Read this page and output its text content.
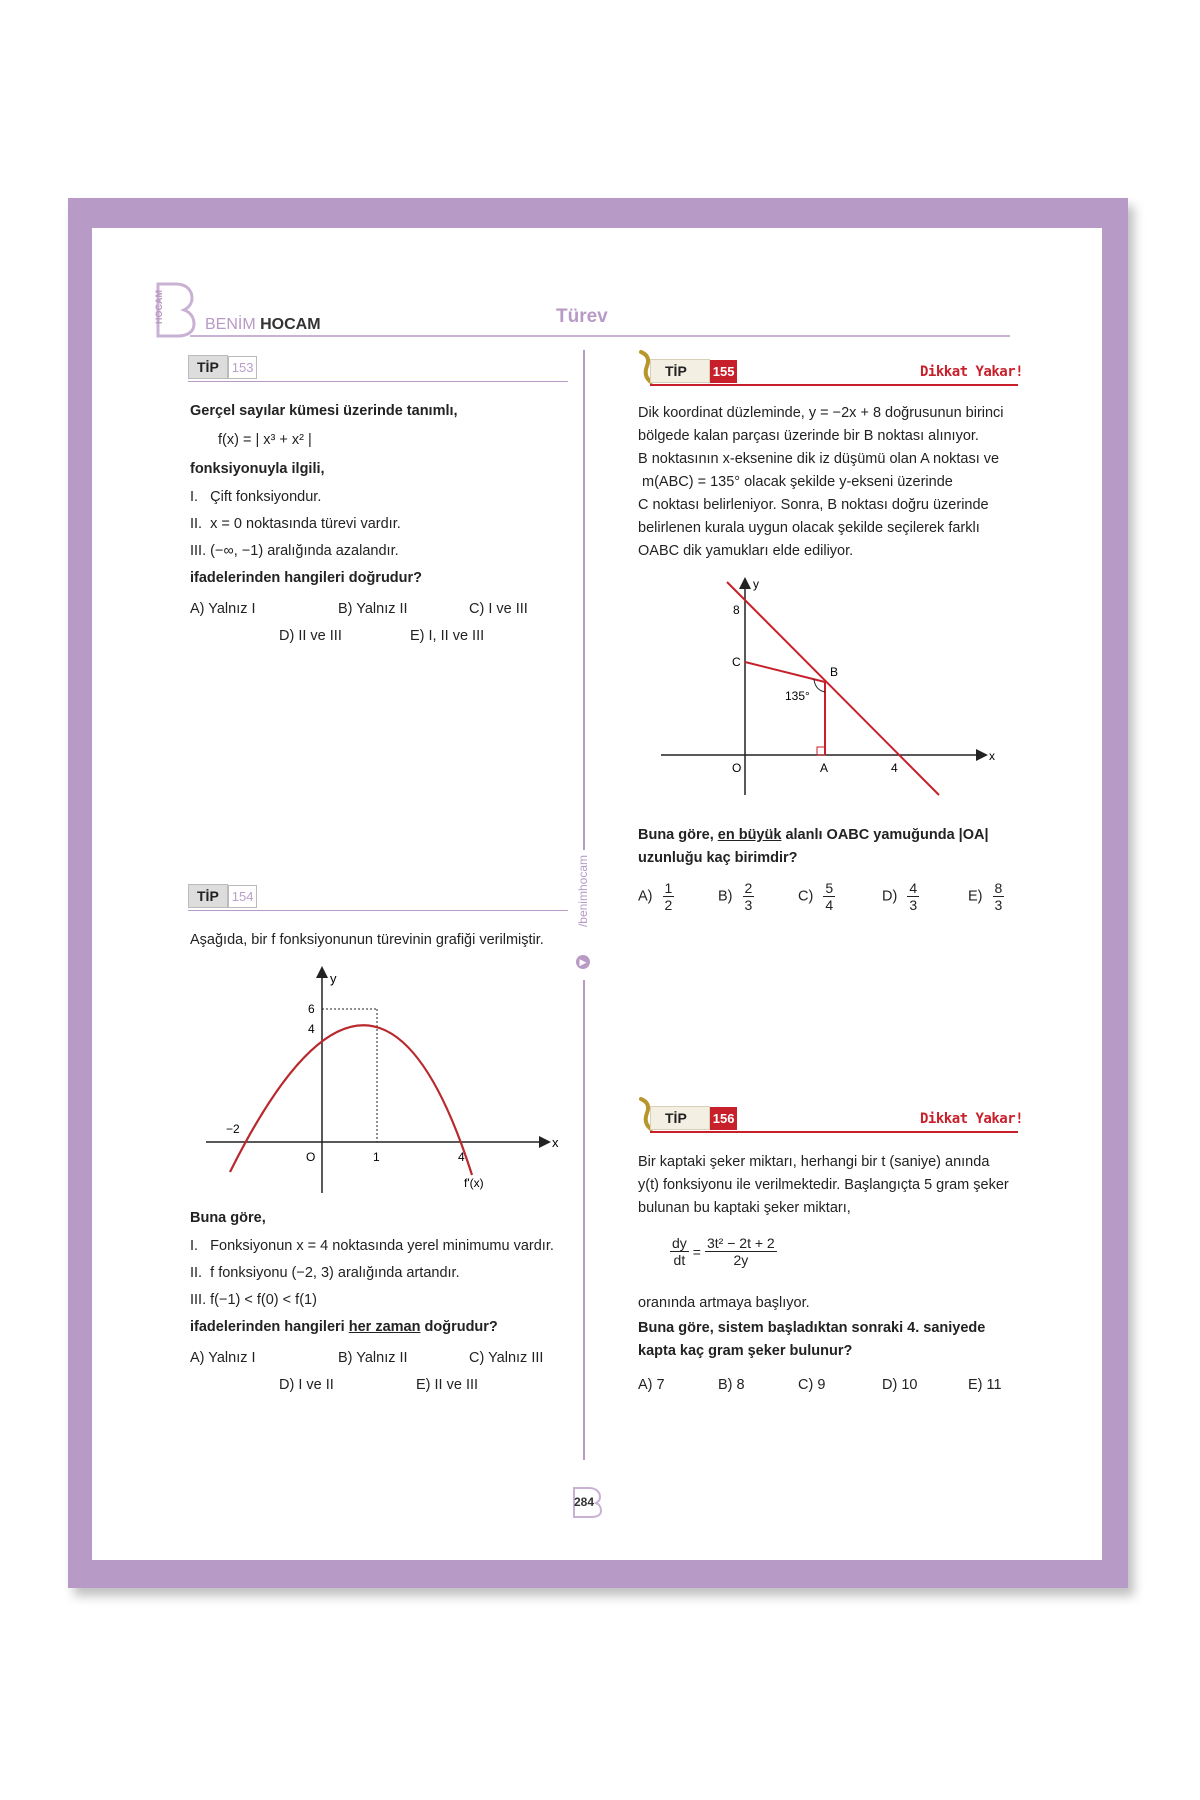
HOCAM
BENİM HOCAM	Türev
/benimhocam
▶
TİP	153
Gerçel sayılar kümesi üzerinde tanımlı,
f(x) = | x³ + x² |
fonksiyonuyla ilgili,
I.   Çift fonksiyondur.
II.  x = 0 noktasında türevi vardır.
III. (−∞, −1) aralığında azalandır.
ifadelerinden hangileri doğrudur?
A) Yalnız I	B) Yalnız II	C) I ve III
D) II ve III	E) I, II ve III
TİP	154
Aşağıda, bir f fonksiyonunun türevinin grafiği verilmiştir.
y
x
6
4
−2
O	1	4
f'(x)
Buna göre,
I.   Fonksiyonun x = 4 noktasında yerel minimumu vardır.
II.  f fonksiyonu (−2, 3) aralığında artandır.
III. f(−1) < f(0) < f(1)
ifadelerinden hangileri her zaman doğrudur?
A) Yalnız I	B) Yalnız II	C) Yalnız III
D) I ve II	E) II ve III
TİP	155	Dikkat Yakar!
Dik koordinat düzleminde, y = −2x + 8 doğrusunun birinci
bölgede kalan parçası üzerinde bir B noktası alınıyor.
B noktasının x-eksenine dik iz düşümü olan A noktası ve
m(ABC) = 135° olacak şekilde y-ekseni üzerinde
C noktası belirleniyor. Sonra, B noktası doğru üzerinde
belirlenen kurala uygun olacak şekilde seçilerek farklı
OABC dik yamukları elde ediliyor.
y
x
8
C
B
135°
O	A	4
Buna göre, en büyük alanlı OABC yamuğunda |OA|
uzunluğu kaç birimdir?
$A) \frac{1}{2}$	$B) \frac{2}{3}$	$C) \frac{5}{4}$	$D) \frac{4}{3}$	$E) \frac{8}{3}$
TİP	156	Dikkat Yakar!
Bir kaptaki şeker miktarı, herhangi bir t (saniye) anında
y(t) fonksiyonu ile verilmektedir. Başlangıçta 5 gram şeker
bulunan bu kaptaki şeker miktarı,
$\frac{dy}{dt} = \frac{\text{3t² − 2t + 2}}{2y}$
oranında artmaya başlıyor.
Buna göre, sistem başladıktan sonraki 4. saniyede
kapta kaç gram şeker bulunur?
A) 7	B) 8	C) 9	D) 10	E) 11
284
